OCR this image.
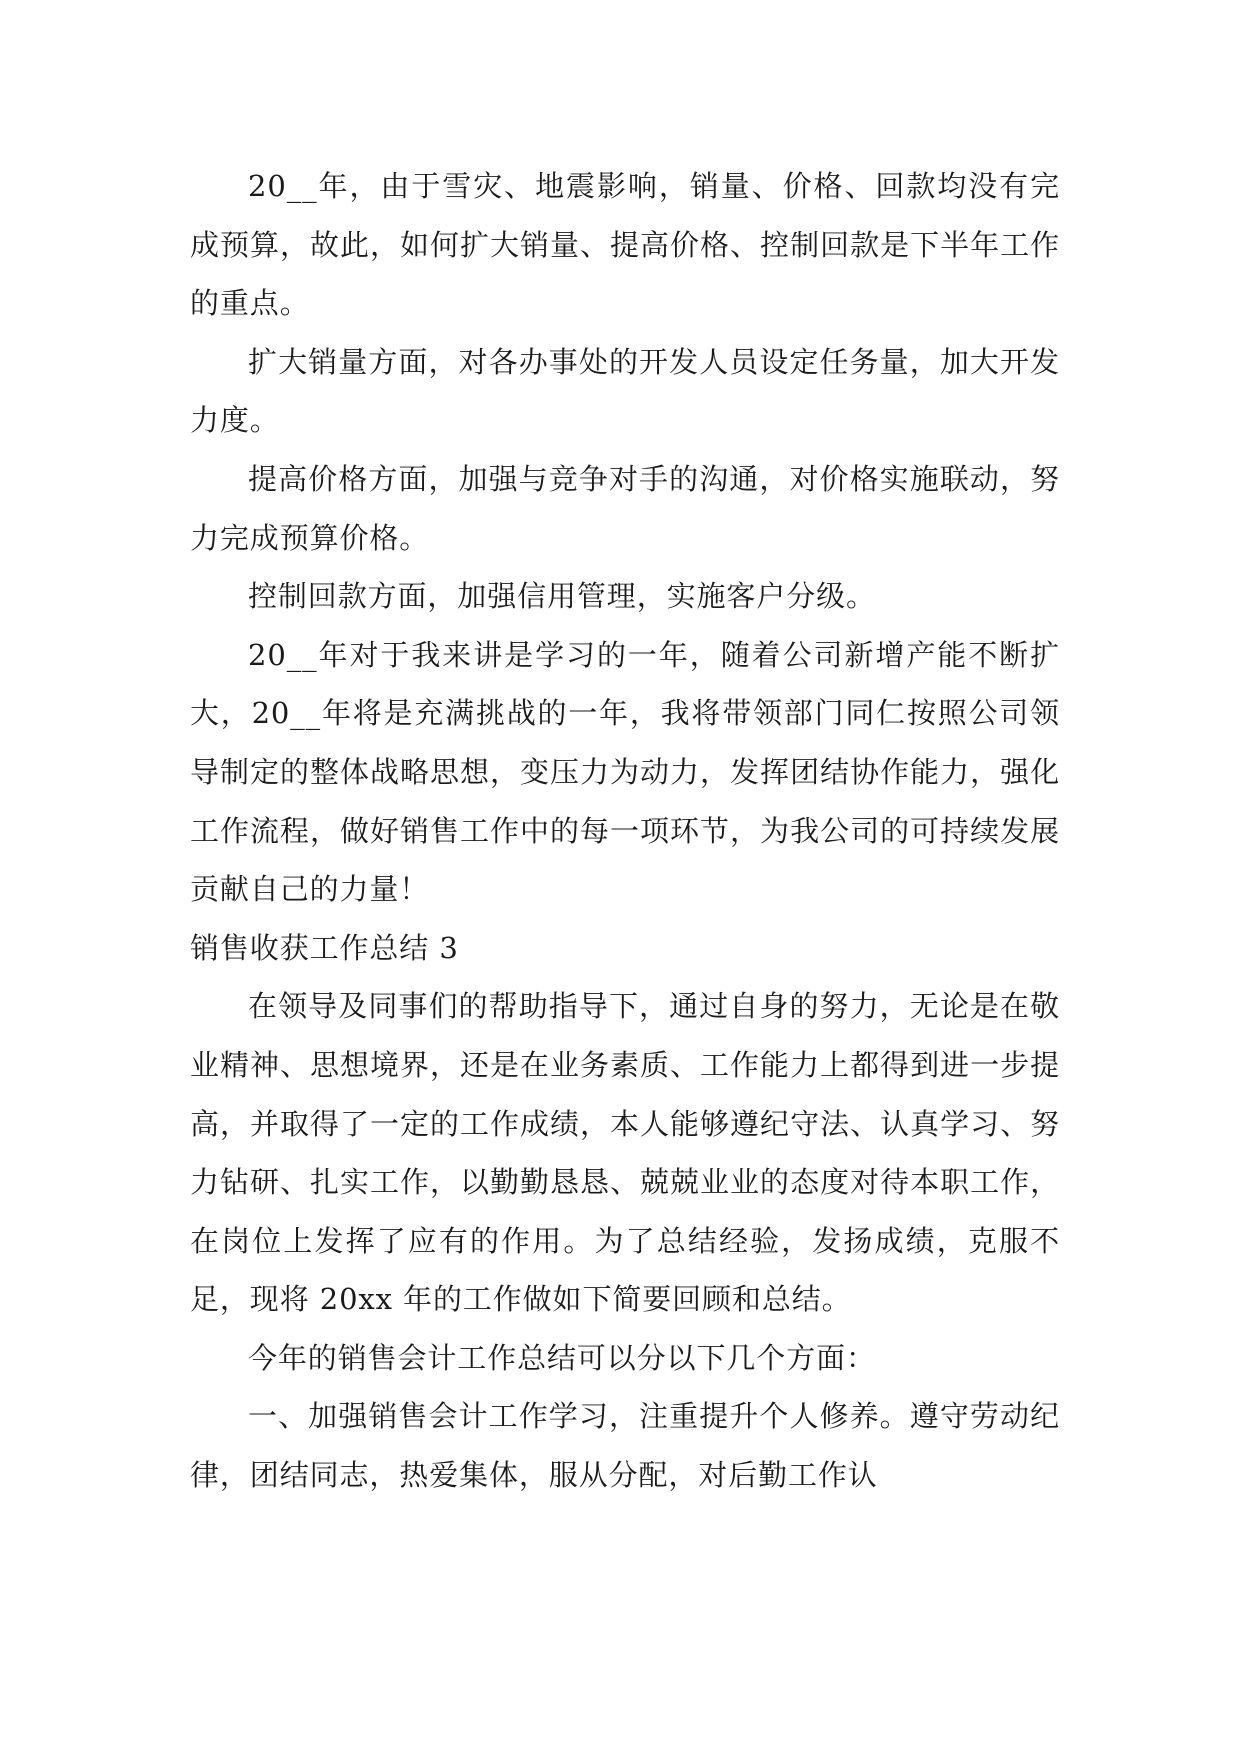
20__年，由于雪灾、地震影响，销量、价格、回款均没有完成预算，故此，如何扩大销量、提高价格、控制回款是下半年工作的重点。

扩大销量方面，对各办事处的开发人员设定任务量，加大开发力度。

提高价格方面，加强与竞争对手的沟通，对价格实施联动，努力完成预算价格。

控制回款方面，加强信用管理，实施客户分级。

20__年对于我来讲是学习的一年，随着公司新增产能不断扩大，20__年将是充满挑战的一年，我将带领部门同仁按照公司领导制定的整体战略思想，变压力为动力，发挥团结协作能力，强化工作流程，做好销售工作中的每一项环节，为我公司的可持续发展贡献自己的力量！

销售收获工作总结 3

在领导及同事们的帮助指导下，通过自身的努力，无论是在敬业精神、思想境界，还是在业务素质、工作能力上都得到进一步提高，并取得了一定的工作成绩，本人能够遵纪守法、认真学习、努力钻研、扎实工作，以勤勤恳恳、兢兢业业的态度对待本职工作，在岗位上发挥了应有的作用。为了总结经验，发扬成绩，克服不足，现将 20xx 年的工作做如下简要回顾和总结。

今年的销售会计工作总结可以分以下几个方面：

一、加强销售会计工作学习，注重提升个人修养。遵守劳动纪律，团结同志，热爱集体，服从分配，对后勤工作认
